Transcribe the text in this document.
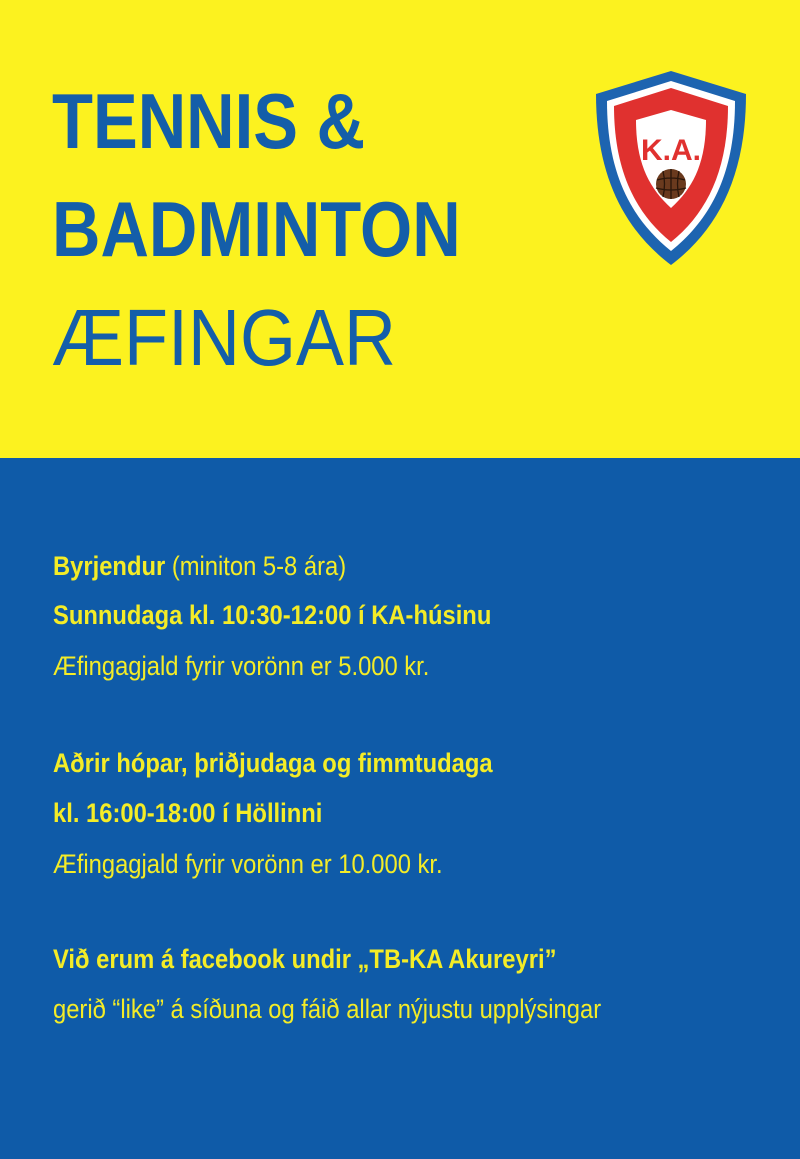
TENNIS &
BADMINTON
ÆFINGAR
K.A.
Byrjendur (miniton 5-8 ára)
Sunnudaga kl. 10:30-12:00 í KA-húsinu
Æfingagjald fyrir vorönn er 5.000 kr.
Aðrir hópar, þriðjudaga og fimmtudaga
kl. 16:00-18:00 í Höllinni
Æfingagjald fyrir vorönn er 10.000 kr.
Við erum á facebook undir „TB-KA Akureyri”
gerið “like” á síðuna og fáið allar nýjustu upplýsingar
